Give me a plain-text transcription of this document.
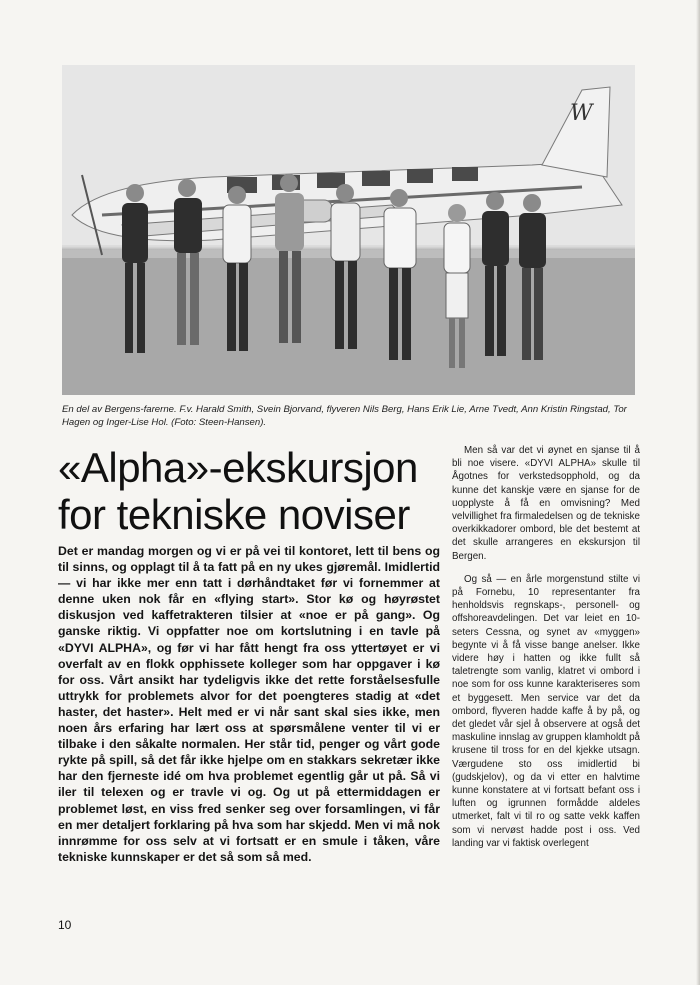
W
En del av Bergens-farerne. F.v. Harald Smith, Svein Bjorvand, flyveren Nils Berg, Hans Erik Lie, Arne Tvedt, Ann Kristin Ringstad, Tor Hagen og Inger-Lise Hol. (Foto: Steen-Hansen).
«Alpha»-ekskursjon
for tekniske noviser

Det er mandag morgen og vi er på vei til kontoret, lett til bens og til sinns, og opplagt til å ta fatt på en ny ukes gjøremål. Imidlertid — vi har ikke mer enn tatt i dørhåndtaket før vi fornemmer at denne uken nok får en «flying start». Stor kø og høyrøstet diskusjon ved kaffetrakteren tilsier at «noe er på gang». Og ganske riktig. Vi oppfatter noe om kortslutning i en tavle på «DYVI ALPHA», og før vi har fått hengt fra oss yttertøyet er vi overfalt av en flokk opphissete kolleger som har oppgaver i kø for oss. Vårt ansikt har tydeligvis ikke det rette forståelsesfulle uttrykk for problemets alvor for det poengteres stadig at «det haster, det haster». Helt med er vi når sant skal sies ikke, men noen års erfaring har lært oss at spørsmålene venter til vi er tilbake i den såkalte normalen. Her står tid, penger og vårt gode rykte på spill, så det får ikke hjelpe om en stakkars sekretær ikke har den fjerneste idé om hva problemet egentlig går ut på. Så vi iler til telexen og er travle vi og. Og ut på ettermiddagen er problemet løst, en viss fred senker seg over forsamlingen, vi får en mer detaljert forklaring på hva som har skjedd. Men vi må nok innrømme for oss selv at vi fortsatt er en smule i tåken, våre tekniske kunnskaper er det så som så med.

Men så var det vi øynet en sjanse til å bli noe visere. «DYVI ALPHA» skulle til Ågotnes for verkstedsopphold, og da kunne det kanskje være en sjanse for de uopplyste å få en omvisning? Med velvillighet fra firmaledelsen og de tekniske overkikkadorer ombord, ble det bestemt at det skulle arrangeres en ekskursjon til Bergen.

Og så — en årle morgenstund stilte vi på Fornebu, 10 representanter fra henholdsvis regnskaps-, personell- og offshoreavdelingen. Det var leiet en 10-seters Cessna, og synet av «myggen» begynte vi å få visse bange anelser. Ikke videre høy i hatten og ikke fullt så taletrengte som vanlig, klatret vi ombord i noe som for oss kunne karakteriseres som et byggesett. Men service var det da ombord, flyveren hadde kaffe å by på, og det gledet vår sjel å observere at også det maskuline innslag av gruppen klamholdt på krusene til tross for en del kjekke utsagn. Værgudene sto oss imidlertid bi (gudskjelov), og da vi etter en halvtime kunne konstatere at vi fortsatt befant oss i luften og igrunnen formådde aldeles utmerket, falt vi til ro og satte vekk kaffen som vi nervøst hadde post i oss. Ved landing var vi faktisk overlegent

10
